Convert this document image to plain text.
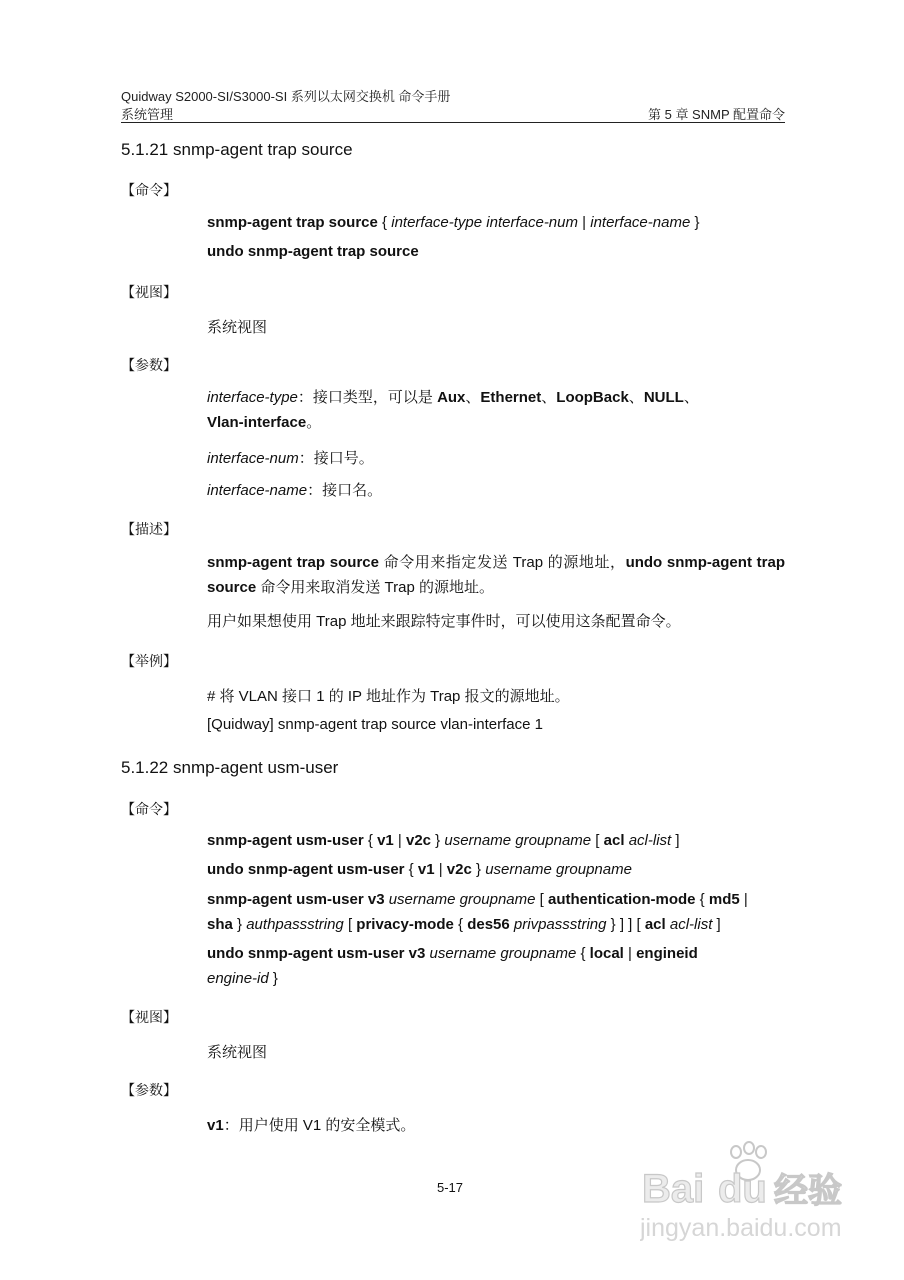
Quidway S2000-SI/S3000-SI 系列以太网交换机 命令手册
系统管理	第 5 章 SNMP 配置命令
5.1.21 snmp-agent trap source
【命令】
snmp-agent trap source { interface-type interface-num | interface-name }
undo snmp-agent trap source
【视图】
系统视图
【参数】
interface-type：接口类型，可以是 Aux、Ethernet、LoopBack、NULL、
Vlan-interface。
interface-num：接口号。
interface-name：接口名。
【描述】
snmp-agent trap source 命令用来指定发送 Trap 的源地址，undo snmp-agent trap source 命令用来取消发送 Trap 的源地址。
用户如果想使用 Trap 地址来跟踪特定事件时，可以使用这条配置命令。
【举例】
# 将 VLAN 接口 1 的 IP 地址作为 Trap 报文的源地址。
[Quidway] snmp-agent trap source vlan-interface 1
5.1.22 snmp-agent usm-user
【命令】
snmp-agent usm-user { v1 | v2c } username groupname [ acl acl-list ]
undo snmp-agent usm-user { v1 | v2c } username groupname
snmp-agent usm-user v3 username groupname [ authentication-mode { md5 |
sha } authpassstring [ privacy-mode { des56 privpassstring } ] ] [ acl acl-list ]
undo snmp-agent usm-user v3 username groupname { local | engineid
engine-id }
【视图】
系统视图
【参数】
v1：用户使用 V1 的安全模式。
5-17	Bai du 经验
jingyan.baidu.com
